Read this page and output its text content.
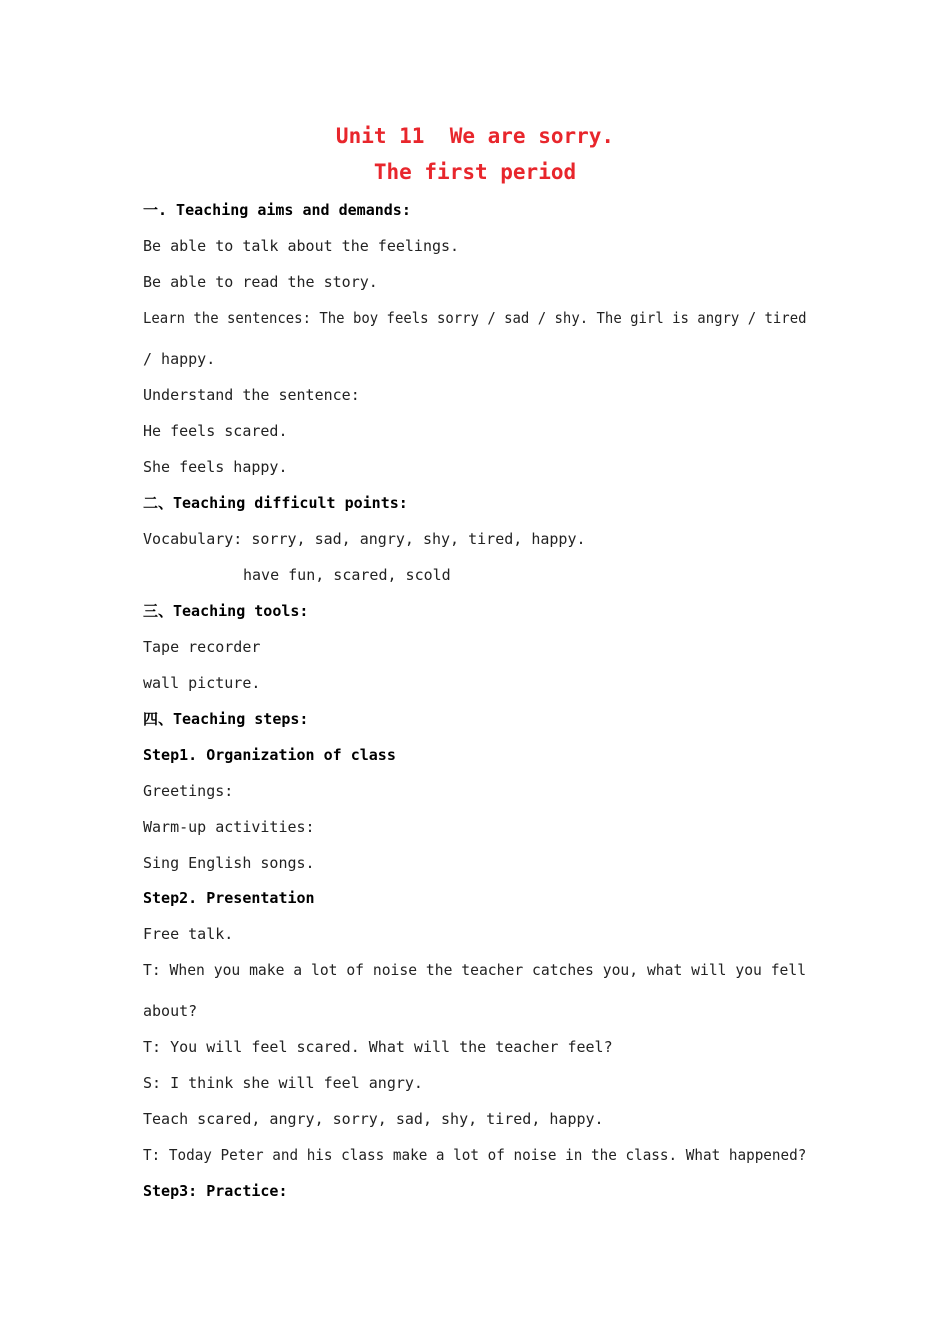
Unit 11  We are sorry.
The first period
一. Teaching aims and demands:
Be able to talk about the feelings.
Be able to read the story.
Learn the sentences: The boy feels sorry / sad / shy. The girl is angry / tired
/ happy.
Understand the sentence:
He feels scared.
She feels happy.
二、Teaching difficult points:
Vocabulary: sorry, sad, angry, shy, tired, happy.
have fun, scared, scold
三、Teaching tools:
Tape recorder
wall picture.
四、Teaching steps:
Step1. Organization of class
Greetings:
Warm-up activities:
Sing English songs.
Step2. Presentation
Free talk.
T: When you make a lot of noise the teacher catches you, what will you fell
about?
T: You will feel scared. What will the teacher feel?
S: I think she will feel angry.
Teach scared, angry, sorry, sad, shy, tired, happy.
T: Today Peter and his class make a lot of noise in the class. What happened?
Step3: Practice:
